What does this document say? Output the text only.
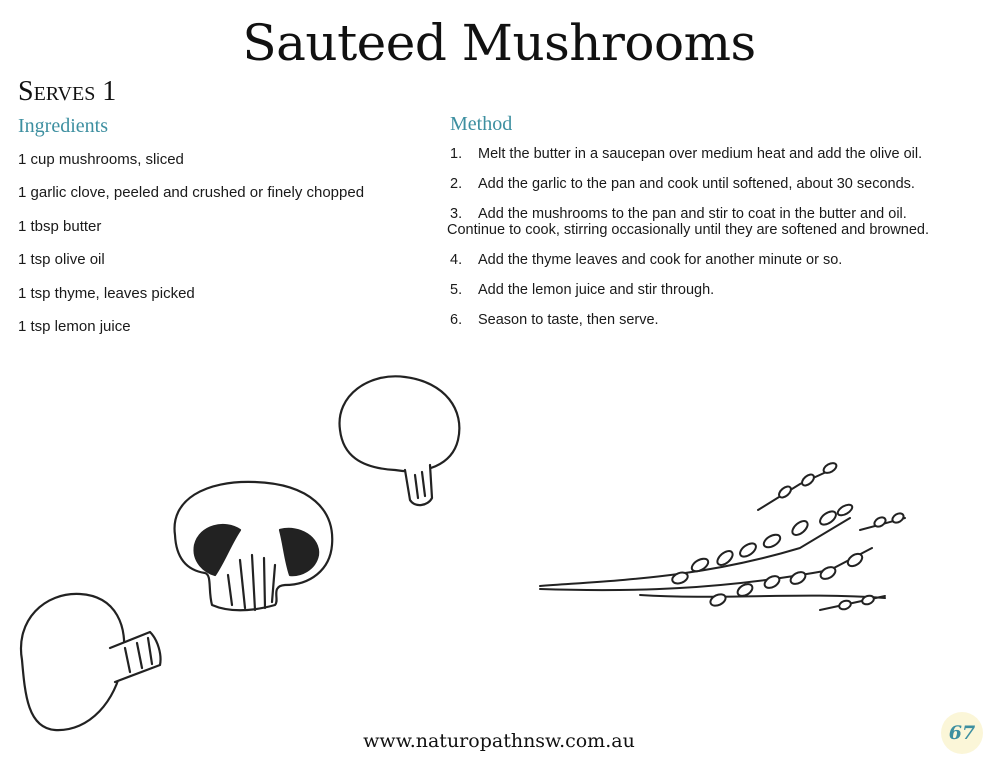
Sauteed Mushrooms
Serves 1
Ingredients
1 cup mushrooms, sliced
1 garlic clove, peeled and crushed or finely chopped
1 tbsp butter
1 tsp olive oil
1 tsp thyme, leaves picked
1 tsp lemon juice
Method
1. Melt the butter in a saucepan over medium heat and add the olive oil.
2. Add the garlic to the pan and cook until softened, about 30 seconds.
3. Add the mushrooms to the pan and stir to coat in the butter and oil.
Continue to cook, stirring occasionally until they are softened and browned.
4. Add the thyme leaves and cook for another minute or so.
5. Add the lemon juice and stir through.
6. Season to taste, then serve.
www.naturopathnsw.com.au	67
